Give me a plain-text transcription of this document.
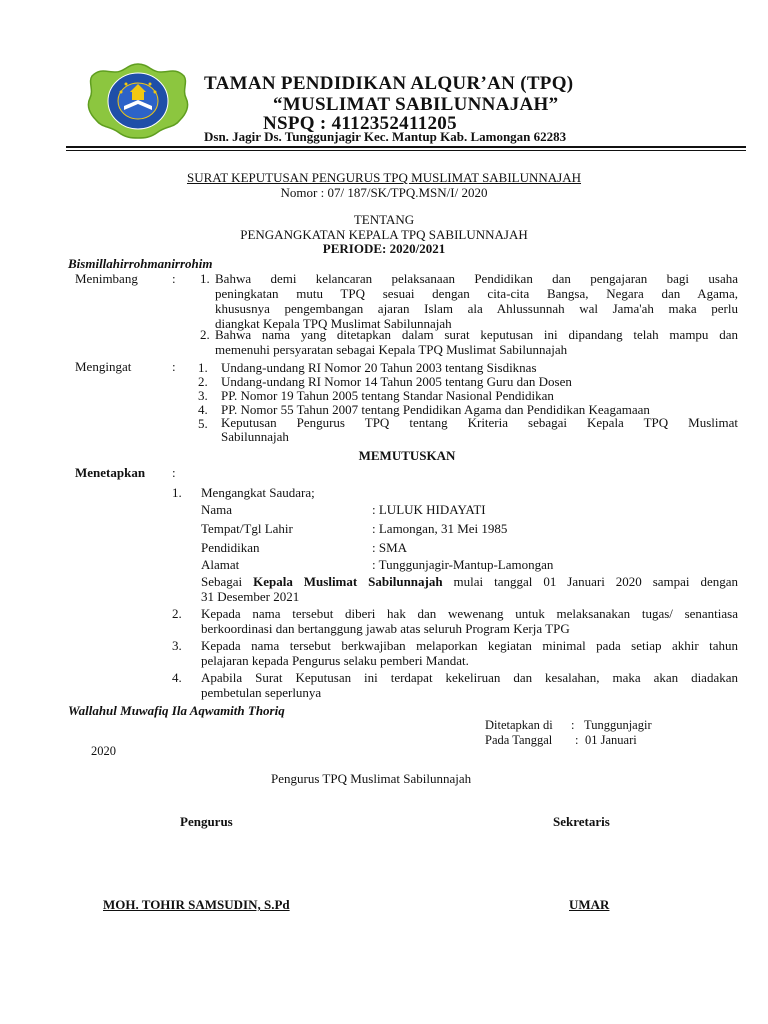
TAMAN PENDIDIKAN ALQUR’AN (TPQ)
“MUSLIMAT SABILUNNAJAH”
NSPQ : 4112352411205
Dsn. Jagir Ds. Tunggunjagir Kec. Mantup Kab. Lamongan 62283
SURAT KEPUTUSAN PENGURUS TPQ MUSLIMAT SABILUNNAJAH
Nomor : 07/ 187/SK/TPQ.MSN/I/ 2020
TENTANG
PENGANGKATAN KEPALA TPQ SABILUNNAJAH
PERIODE: 2020/2021
Bismillahirrohmanirrohim
Menimbang	: 1. Bahwa demi kelancaran pelaksanaan Pendidikan dan pengajaran bagi usaha
peningkatan mutu TPQ sesuai dengan cita-cita Bangsa, Negara dan Agama,
khususnya pengembangan ajaran Islam ala Ahlussunnah wal Jama'ah maka perlu
diangkat Kepala TPQ Muslimat Sabilunnajah
2. Bahwa nama yang ditetapkan dalam surat keputusan ini dipandang telah mampu dan
memenuhi persyaratan sebagai Kepala TPQ Muslimat Sabilunnajah
Mengingat	: 1. Undang-undang RI Nomor 20 Tahun 2003 tentang Sisdiknas
2. Undang-undang RI Nomor 14 Tahun 2005 tentang Guru dan Dosen
3. PP. Nomor 19 Tahun 2005 tentang Standar Nasional Pendidikan
4. PP. Nomor 55 Tahun 2007 tentang Pendidikan Agama dan Pendidikan Keagamaan
5. Keputusan Pengurus TPQ tentang Kriteria sebagai Kepala TPQ Muslimat
Sabilunnajah
MEMUTUSKAN
Menetapkan :
1. Mengangkat Saudara;
Nama	: LULUK HIDAYATI
Tempat/Tgl Lahir	: Lamongan, 31 Mei 1985
Pendidikan	: SMA
Alamat	: Tunggunjagir-Mantup-Lamongan
Sebagai Kepala Muslimat Sabilunnajah mulai tanggal 01 Januari 2020 sampai dengan
31 Desember 2021
2. Kepada nama tersebut diberi hak dan wewenang untuk melaksanakan tugas/ senantiasa
berkoordinasi dan bertanggung jawab atas seluruh Program Kerja TPG
3. Kepada nama tersebut berkwajiban melaporkan kegiatan minimal pada setiap akhir tahun
pelajaran kepada Pengurus selaku pemberi Mandat.
4. Apabila Surat Keputusan ini terdapat kekeliruan dan kesalahan, maka akan diadakan
pembetulan seperlunya
Wallahul Muwafiq Ila Aqwamith Thoriq
Ditetapkan di : Tunggunjagir
Pada Tanggal : 01 Januari
2020
Pengurus TPQ Muslimat Sabilunnajah
Pengurus	Sekretaris
MOH. TOHIR SAMSUDIN, S.Pd	UMAR
